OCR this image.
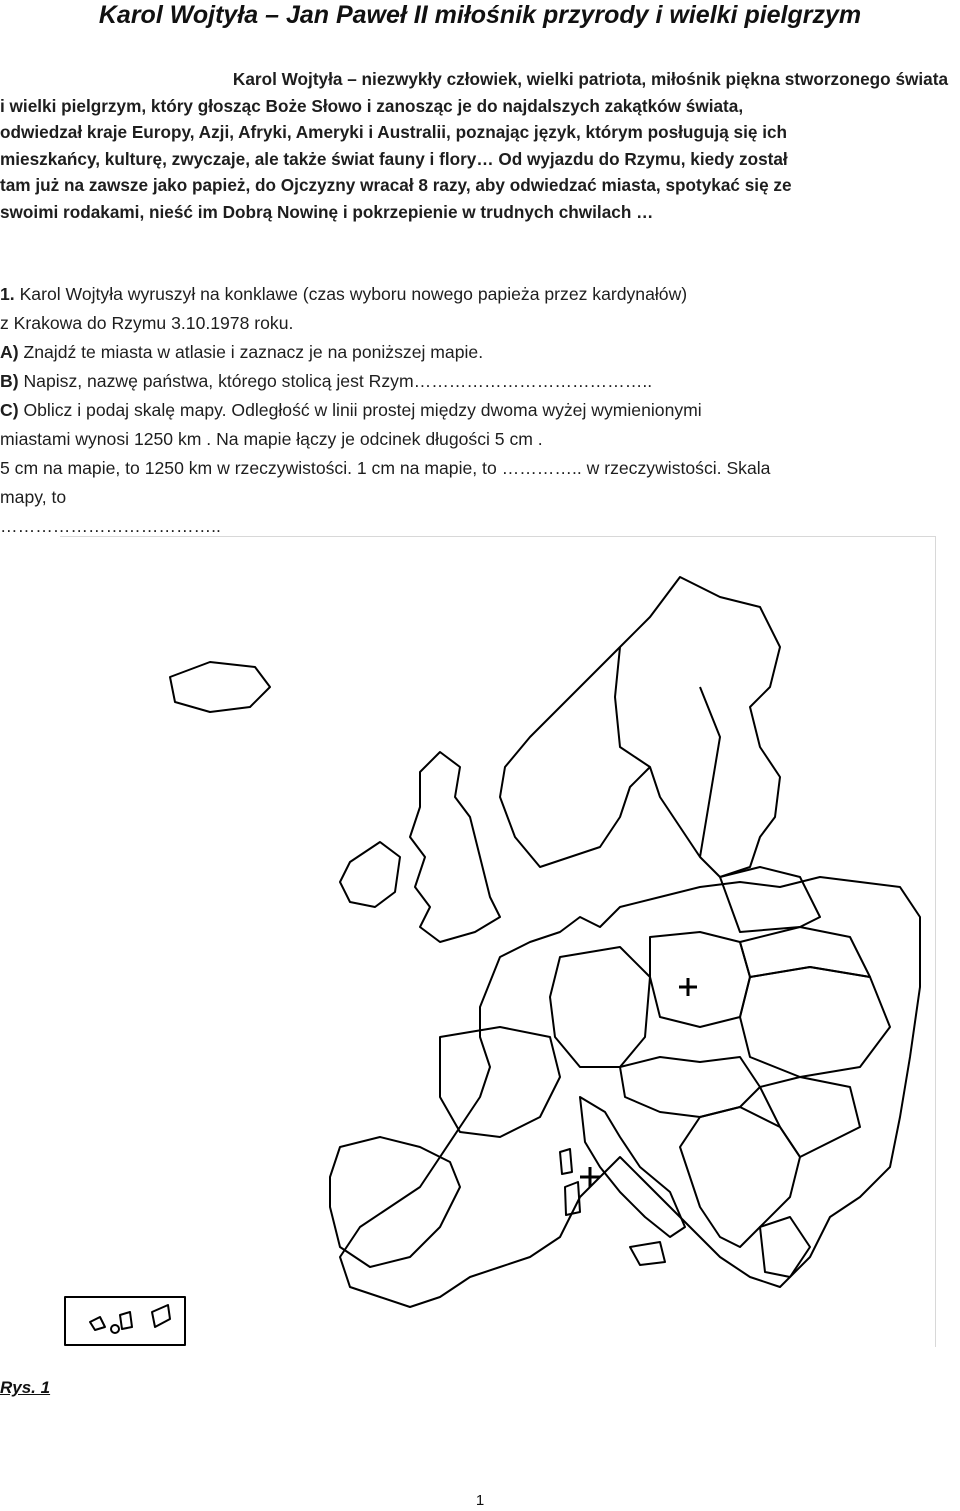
Karol Wojtyła – Jan Paweł II miłośnik przyrody i wielki pielgrzym
Karol Wojtyła – niezwykły człowiek, wielki patriota, miłośnik piękna stworzonego świata
i wielki pielgrzym, który głosząc Boże Słowo i zanosząc je do najdalszych zakątków świata,
odwiedzał kraje Europy, Azji, Afryki, Ameryki i Australii, poznając język, którym posługują się ich
mieszkańcy, kulturę, zwyczaje, ale także świat fauny i flory… Od wyjazdu do Rzymu, kiedy został
tam już na zawsze jako papież, do Ojczyzny wracał 8 razy, aby odwiedzać miasta, spotykać się ze
swoimi rodakami, nieść im Dobrą Nowinę i pokrzepienie w trudnych chwilach …
1. Karol Wojtyła wyruszył na konklawe (czas wyboru nowego papieża przez kardynałów)
z Krakowa do Rzymu 3.10.1978 roku.
A) Znajdź te miasta w atlasie i zaznacz je na poniższej mapie.
B) Napisz, nazwę państwa, którego stolicą jest Rzym…………………………………..
C) Oblicz i podaj skalę mapy. Odległość w linii prostej między dwoma wyżej wymienionymi
miastami wynosi 1250 km . Na mapie łączy je odcinek długości 5 cm .
5 cm na mapie, to 1250 km w rzeczywistości. 1 cm na mapie, to ………….. w rzeczywistości. Skala
mapy, to
………………………………..
Rys. 1
1
